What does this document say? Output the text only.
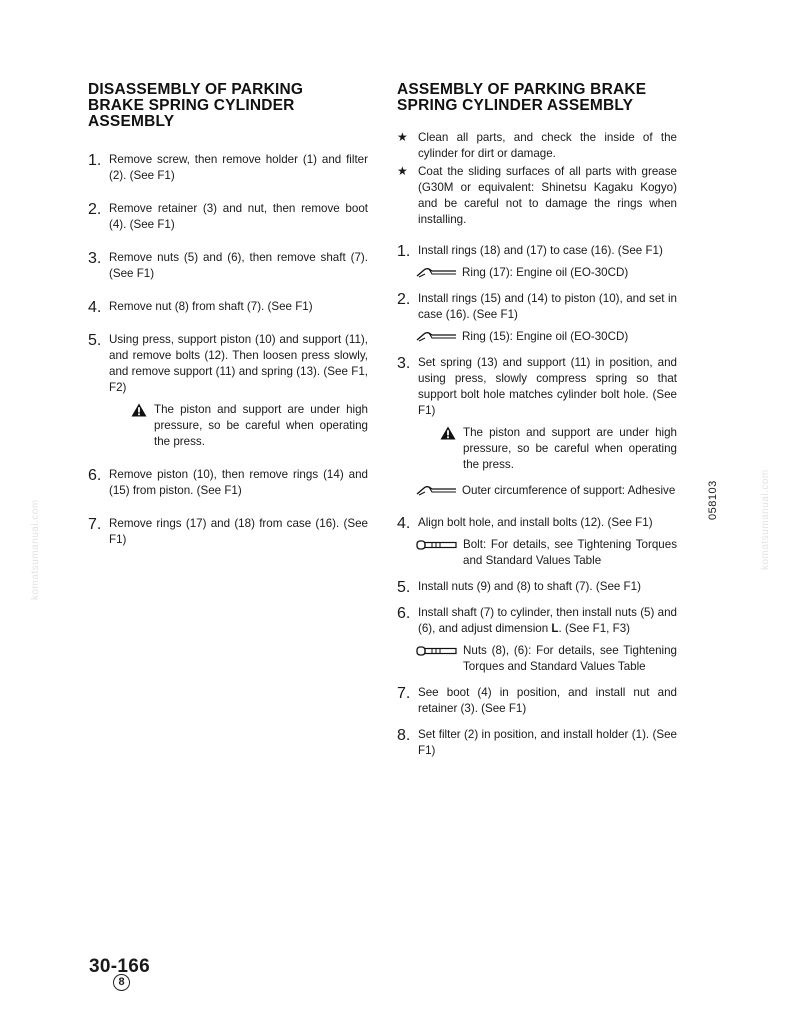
DISASSEMBLY OF PARKING
BRAKE SPRING CYLINDER
ASSEMBLY
1. Remove screw, then remove holder (1) and filter (2). (See F1)

2. Remove retainer (3) and nut, then remove boot (4). (See F1)

3. Remove nuts (5) and (6), then remove shaft (7). (See F1)

4. Remove nut (8) from shaft (7). (See F1)

5. Using press, support piston (10) and support (11), and remove bolts (12). Then loosen press slowly, and remove support (11) and spring (13). (See F1, F2)

The piston and support are under high pressure, so be careful when operating the press.

6. Remove piston (10), then remove rings (14) and (15) from piston. (See F1)

7. Remove rings (17) and (18) from case (16). (See F1)

ASSEMBLY OF PARKING BRAKE
SPRING CYLINDER ASSEMBLY
★ Clean all parts, and check the inside of the cylinder for dirt or damage.

★ Coat the sliding surfaces of all parts with grease (G30M or equivalent: Shinetsu Kagaku Kogyo) and be careful not to damage the rings when installing.

1. Install rings (18) and (17) to case (16). (See F1)

Ring (17): Engine oil (EO-30CD)

2. Install rings (15) and (14) to piston (10), and set in case (16). (See F1)

Ring (15): Engine oil (EO-30CD)

3. Set spring (13) and support (11) in position, and using press, slowly compress spring so that support bolt hole matches cylinder bolt hole. (See F1)

The piston and support are under high pressure, so be careful when operating the press.

Outer circumference of support: Adhesive

4. Align bolt hole, and install bolts (12). (See F1)

Bolt: For details, see Tightening Torques and Standard Values Table

5. Install nuts (9) and (8) to shaft (7). (See F1)

6. Install shaft (7) to cylinder, then install nuts (5) and (6), and adjust dimension L. (See F1, F3)

Nuts (8), (6): For details, see Tightening Torques and Standard Values Table

7. See boot (4) in position, and install nut and retainer (3). (See F1)

8. Set filter (2) in position, and install holder (1). (See F1)

058103
komatsumanual.com	komatsumanual.com
30-166
8
